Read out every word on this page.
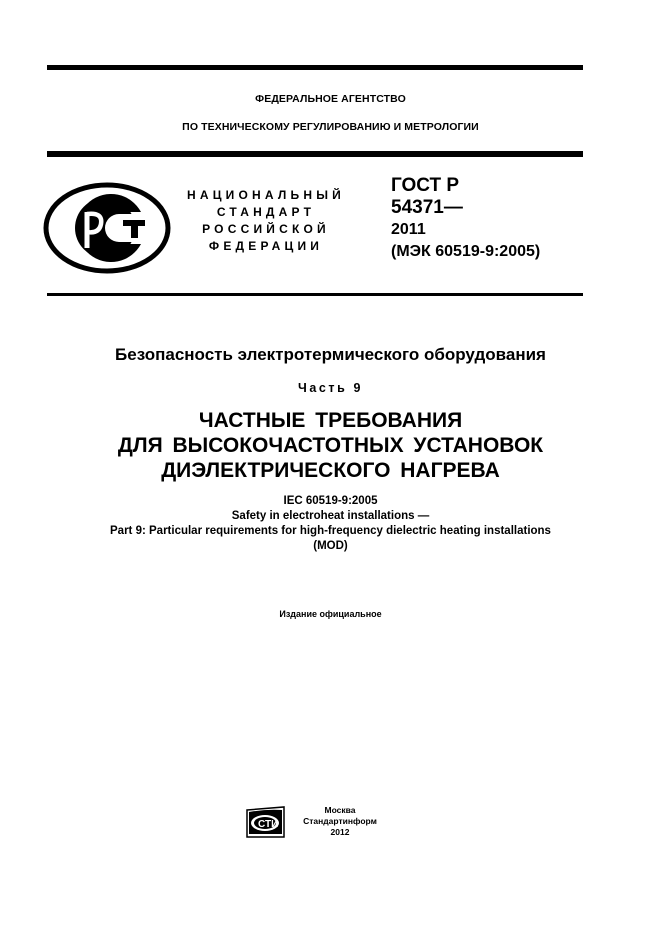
ФЕДЕРАЛЬНОЕ АГЕНТСТВО
ПО ТЕХНИЧЕСКОМУ РЕГУЛИРОВАНИЮ И МЕТРОЛОГИИ
НАЦИОНАЛЬНЫЙ
СТАНДАРТ
РОССИЙСКОЙ
ФЕДЕРАЦИИ
ГОСТ Р
54371—
2011
(МЭК 60519-9:2005)
Безопасность электротермического оборудования
Часть 9
ЧАСТНЫЕ ТРЕБОВАНИЯ
ДЛЯ ВЫСОКОЧАСТОТНЫХ УСТАНОВОК
ДИЭЛЕКТРИЧЕСКОГО НАГРЕВА
IEC 60519-9:2005
Safety in electroheat installations —
Part 9: Particular requirements for high-frequency dielectric heating installations
(MOD)
Издание официальное
СТИ
Москва
Стандартинформ
2012
